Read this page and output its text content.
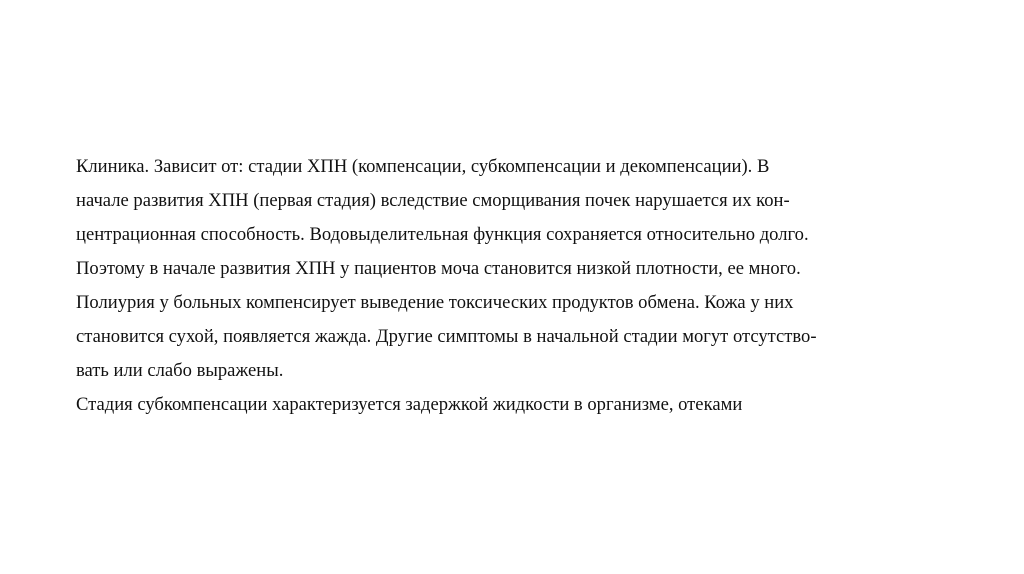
Клиника. Зависит от: стадии ХПН (компенсации, субкомпенсации и декомпенсации). В
начале развития ХПН (первая стадия) вследствие сморщивания почек нарушается их кон-
центрационная способность. Водовыделительная функция сохраняется относительно долго.
Поэтому в начале развития ХПН у пациентов моча становится низкой плотности, ее много.
Полиурия у больных компенсирует выведение токсических продуктов обмена. Кожа у них
становится сухой, появляется жажда. Другие симптомы в начальной стадии могут отсутство-
вать или слабо выражены.
Стадия субкомпенсации характеризуется задержкой жидкости в организме, отеками
